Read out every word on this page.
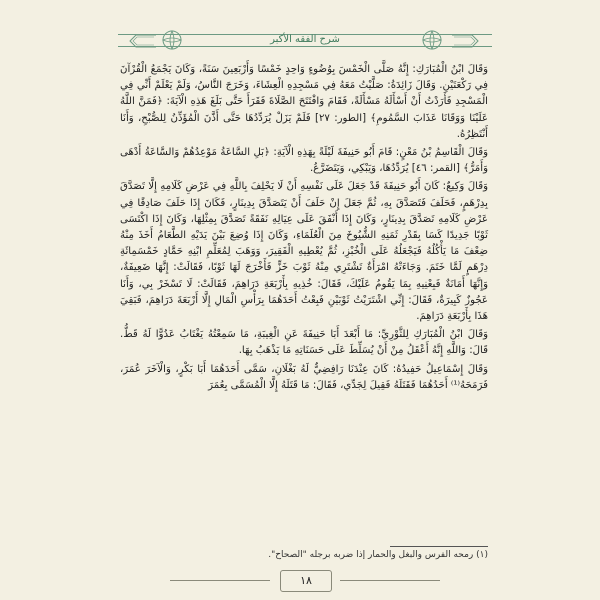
شرح الفقه الأكبر

وَقَالَ ابْنُ الْمُبَارَكِ: إِنَّهُ صَلَّى الْخَمْسَ بِوُضُوءٍ وَاحِدٍ خَمْسًا وَأَرْبَعِينَ سَنَةً، وَكَانَ يَجْمَعُ الْقُرْآنَ فِي رَكْعَتَيْنِ. وَقَالَ زَائِدَةُ: صَلَّيْتُ مَعَهُ فِي مَسْجِدِهِ الْعِشَاءَ، وَخَرَجَ النَّاسُ، وَلَمْ يَعْلَمْ أَنِّي فِي الْمَسْجِدِ فَأَرَدْتُ أَنْ أَسْأَلَهُ مَسْأَلَةً، فَقَامَ وَافْتَتَحَ الصَّلَاةَ فَقَرَأَ حَتَّى بَلَغَ هَذِهِ الْآيَةَ: ﴿فَمَنَّ اللَّهُ عَلَيْنَا وَوَقَانَا عَذَابَ السَّمُومِ﴾ [الطور: ٢٧] فَلَمْ يَزَلْ يُرَدِّدُهَا حَتَّى أَذَّنَ الْمُؤَذِّنُ لِلصُّبْحِ، وَأَنَا أَنْتَظِرُهُ.

وَقَالَ الْقَاسِمُ بْنُ مَعْنٍ: قَامَ أَبُو حَنِيفَةَ لَيْلَةً بِهَذِهِ الْآيَةِ: ﴿بَلِ السَّاعَةُ مَوْعِدُهُمْ وَالسَّاعَةُ أَدْهَى وَأَمَرُّ﴾ [القمر: ٤٦] يُرَدِّدُهَا، وَيَبْكِي، وَيَتَضَرَّعُ.

وَقَالَ وَكِيعٌ: كَانَ أَبُو حَنِيفَةَ قَدْ جَعَلَ عَلَى نَفْسِهِ أَنْ لَا يَحْلِفَ بِاللَّهِ فِي عَرْضِ كَلَامِهِ إِلَّا تَصَدَّقَ بِدِرْهَمٍ، فَحَلَفَ فَتَصَدَّقَ بِهِ، ثُمَّ جَعَلَ إِنْ حَلَفَ أَنْ يَتَصَدَّقَ بِدِينَارٍ، فَكَانَ إِذَا حَلَفَ صَادِقًا فِي عَرْضِ كَلَامِهِ تَصَدَّقَ بِدِينَارٍ، وَكَانَ إِذَا أَنْفَقَ عَلَى عِيَالِهِ نَفَقَةً تَصَدَّقَ بِمِثْلِهَا، وَكَانَ إِذَا اكْتَسَى ثَوْبًا جَدِيدًا كَسَا بِقَدْرِ ثَمَنِهِ الشُّيُوخَ مِنَ الْعُلَمَاءِ، وَكَانَ إِذَا وُضِعَ بَيْنَ يَدَيْهِ الطَّعَامُ أَخَذَ مِنْهُ ضِعْفَ مَا يَأْكُلُهُ فَيَجْعَلُهُ عَلَى الْخُبْزِ، ثُمَّ يُعْطِيهِ الْفَقِيرَ، وَوَهَبَ لِمُعَلِّمِ ابْنِهِ حَمَّادٍ خَمْسَمِائَةِ دِرْهَمٍ لَمَّا خَتَمَ. وَجَاءَتْهُ امْرَأَةٌ تَشْتَرِي مِنْهُ ثَوْبَ خَزٍّ فَأَخْرَجَ لَهَا ثَوْبًا، فَقَالَتْ: إِنَّهَا ضَعِيفَةٌ، وَإِنَّهَا أَمَانَةٌ فَبِعْنِيهِ بِمَا يَقُومُ عَلَيْكَ، فَقَالَ: خُذِيهِ بِأَرْبَعَةِ دَرَاهِمَ، فَقَالَتْ: لَا تَسْخَرْ بِي، وَأَنَا عَجُوزٌ كَبِيرَةٌ، فَقَالَ: إِنِّي اشْتَرَيْتُ ثَوْبَيْنِ فَبِعْتُ أَحَدَهُمَا بِرَأْسِ الْمَالِ إِلَّا أَرْبَعَةَ دَرَاهِمَ، فَبَقِيَ هَذَا بِأَرْبَعَةِ دَرَاهِمَ.

وَقَالَ ابْنُ الْمُبَارَكِ لِلثَّوْرِيِّ: مَا أَبْعَدَ أَبَا حَنِيفَةَ عَنِ الْغِيبَةِ، مَا سَمِعْتُهُ يَغْتَابُ عَدُوًّا لَهُ قَطُّ. قَالَ: وَاللَّهِ إِنَّهُ أَعْقَلُ مِنْ أَنْ يُسَلِّطَ عَلَى حَسَنَاتِهِ مَا يَذْهَبُ بِهَا.

وَقَالَ إِسْمَاعِيلُ حَفِيدُهُ: كَانَ عِنْدَنَا رَافِضِيٌّ لَهُ بَغْلَانِ، سَمَّى أَحَدَهُمَا أَبَا بَكْرٍ، وَالْآخَرَ عُمَرَ، فَرَمَحَهُ⁽¹⁾ أَحَدُهُمَا فَقَتَلَهُ فَقِيلَ لِجَدِّي، فَقَالَ: مَا قَتَلَهُ إِلَّا الْمُسَمَّى بِعُمَرَ

(١) رمحه الفرس والبغل والحمار إذا ضربه برجله "الصحاح".
١٨
